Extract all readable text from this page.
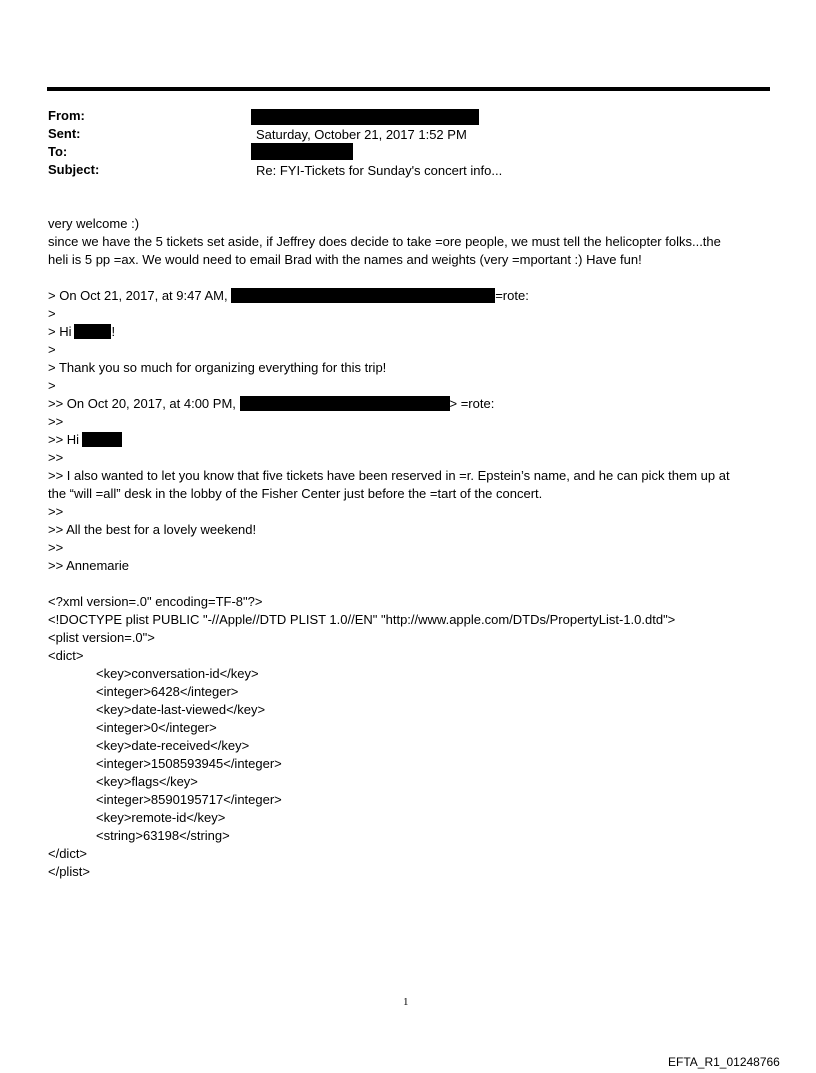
From:
Sent:	Saturday, October 21, 2017 1:52 PM
To:
Subject:	Re: FYI-Tickets for Sunday's concert info...
very welcome :)
since we have the 5 tickets set aside, if Jeffrey does decide to take =ore people, we must tell the helicopter folks...the
heli is 5 pp =ax. We would need to email Brad with the names and weights (very =mportant :) Have fun!
> On Oct 21, 2017, at 9:47 AM,	=rote:
>
> Hi	!
>
> Thank you so much for organizing everything for this trip!
>
>> On Oct 20, 2017, at 4:00 PM,	> =rote:
>>
>> Hi
>>
>> I also wanted to let you know that five tickets have been reserved in =r. Epstein’s name, and he can pick them up at
the “will =all” desk in the lobby of the Fisher Center just before the =tart of the concert.
>>
>> All the best for a lovely weekend!
>>
>> Annemarie
<?xml version=.0" encoding=TF-8"?>
<!DOCTYPE plist PUBLIC "-//Apple//DTD PLIST 1.0//EN" "http://www.apple.com/DTDs/PropertyList-1.0.dtd">
<plist version=.0">
<dict>
<key>conversation-id</key>
<integer>6428</integer>
<key>date-last-viewed</key>
<integer>0</integer>
<key>date-received</key>
<integer>1508593945</integer>
<key>flags</key>
<integer>8590195717</integer>
<key>remote-id</key>
<string>63198</string>
</dict>
</plist>
1
EFTA_R1_01248766
